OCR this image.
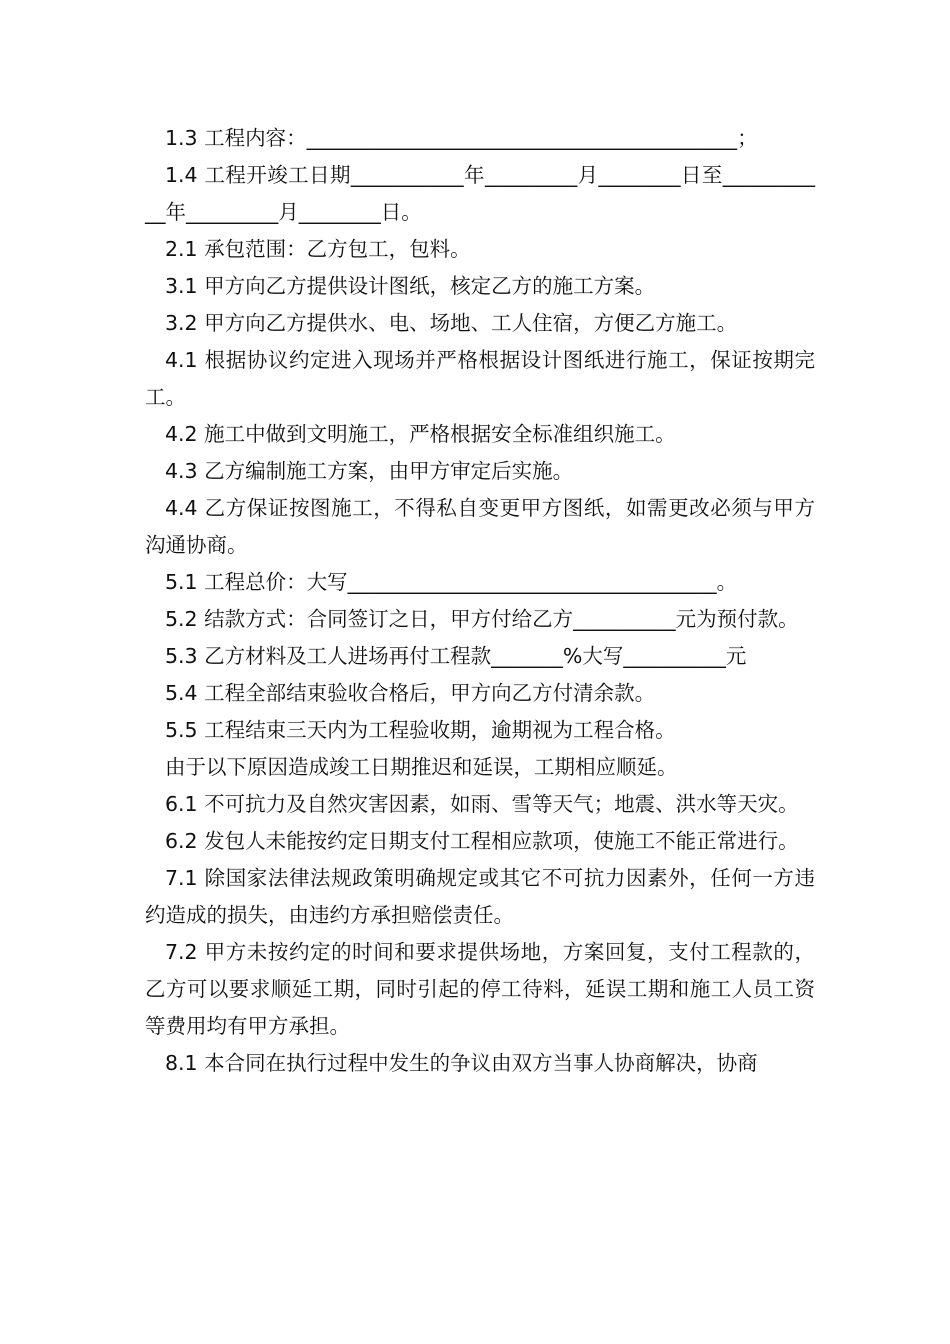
1.3 工程内容：__________________________________________；

1.4 工程开竣工日期___________年_________月________日至___________年_________月________日。

2.1 承包范围：乙方包工，包料。

3.1 甲方向乙方提供设计图纸，核定乙方的施工方案。

3.2 甲方向乙方提供水、电、场地、工人住宿，方便乙方施工。

4.1 根据协议约定进入现场并严格根据设计图纸进行施工，保证按期完工。

4.2 施工中做到文明施工，严格根据安全标准组织施工。

4.3 乙方编制施工方案，由甲方审定后实施。

4.4 乙方保证按图施工，不得私自变更甲方图纸，如需更改必须与甲方沟通协商。

5.1 工程总价：大写____________________________________。

5.2 结款方式：合同签订之日，甲方付给乙方__________元为预付款。

5.3 乙方材料及工人进场再付工程款_______%大写__________元

5.4 工程全部结束验收合格后，甲方向乙方付清余款。

5.5 工程结束三天内为工程验收期，逾期视为工程合格。

由于以下原因造成竣工日期推迟和延误，工期相应顺延。

6.1 不可抗力及自然灾害因素，如雨、雪等天气；地震、洪水等天灾。

6.2 发包人未能按约定日期支付工程相应款项，使施工不能正常进行。

7.1 除国家法律法规政策明确规定或其它不可抗力因素外，任何一方违约造成的损失，由违约方承担赔偿责任。

7.2 甲方未按约定的时间和要求提供场地，方案回复，支付工程款的，乙方可以要求顺延工期，同时引起的停工待料，延误工期和施工人员工资等费用均有甲方承担。

8.1 本合同在执行过程中发生的争议由双方当事人协商解决，协商
